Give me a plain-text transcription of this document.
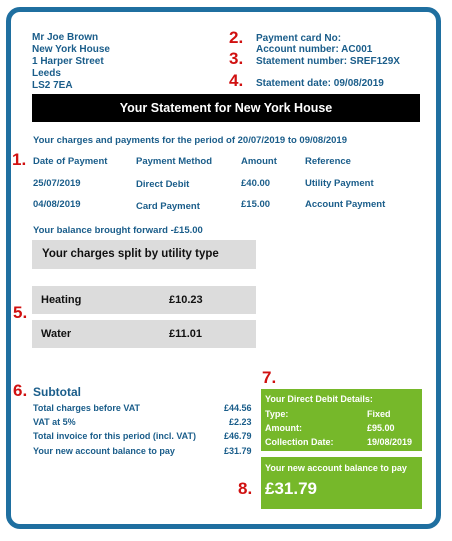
2.
3.
4.
1.
5.
6.
7.
8.
Mr Joe Brown
New York House
1 Harper Street
Leeds
LS2 7EA
Payment card No:
Account number: AC001
Statement number: SREF129X
Statement date: 09/08/2019
Your Statement for New York House
Your charges and payments for the period of 20/07/2019 to 09/08/2019
Date of Payment	Payment Method	Amount	Reference
25/07/2019	Direct Debit	£40.00	Utility Payment
04/08/2019	Card Payment	£15.00	Account Payment
Your balance brought forward -£15.00
Your charges split by utility type
Heating	£10.23
Water	£11.01
Subtotal
Total charges before VAT	£44.56
VAT at 5%	£2.23
Total invoice for this period (incl. VAT)	£46.79
Your new account balance to pay	£31.79
Your Direct Debit Details:
Type:	Fixed
Amount:	£95.00
Collection Date:	19/08/2019
Your new account balance to pay
£31.79
